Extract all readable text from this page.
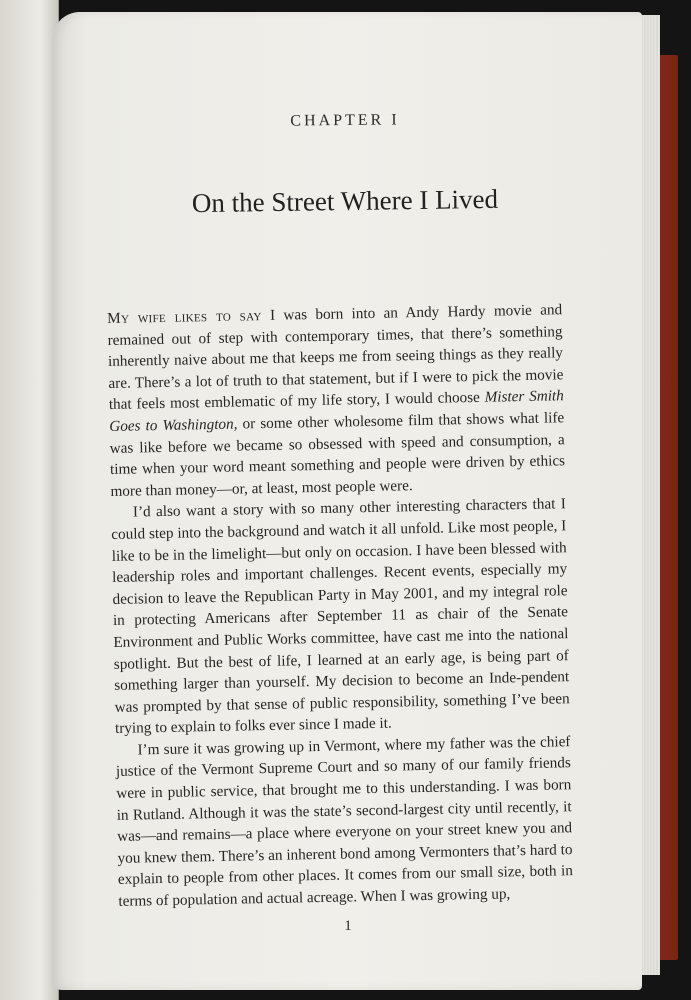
CHAPTER I
On the Street Where I Lived

My wife likes to say I was born into an Andy Hardy movie and remained out of step with contemporary times, that there’s something inherently naive about me that keeps me from seeing things as they really are. There’s a lot of truth to that statement, but if I were to pick the movie that feels most emblematic of my life story, I would choose Mister Smith Goes to Washington, or some other wholesome film that shows what life was like before we became so obsessed with speed and consumption, a time when your word meant something and people were driven by ethics more than money—or, at least, most people were.

I’d also want a story with so many other interesting characters that I could step into the background and watch it all unfold. Like most people, I like to be in the limelight—but only on occasion. I have been blessed with leadership roles and important challenges. Recent events, especially my decision to leave the Republican Party in May 2001, and my integral role in protecting Americans after September 11 as chair of the Senate Environment and Public Works committee, have cast me into the national spotlight. But the best of life, I learned at an early age, is being part of something larger than yourself. My decision to become an Inde-pendent was prompted by that sense of public responsibility, something I’ve been trying to explain to folks ever since I made it.

I’m sure it was growing up in Vermont, where my father was the chief justice of the Vermont Supreme Court and so many of our family friends were in public service, that brought me to this understanding. I was born in Rutland. Although it was the state’s second-largest city until recently, it was—and remains—a place where everyone on your street knew you and you knew them. There’s an inherent bond among Vermonters that’s hard to explain to people from other places. It comes from our small size, both in terms of population and actual acreage. When I was growing up,

1
